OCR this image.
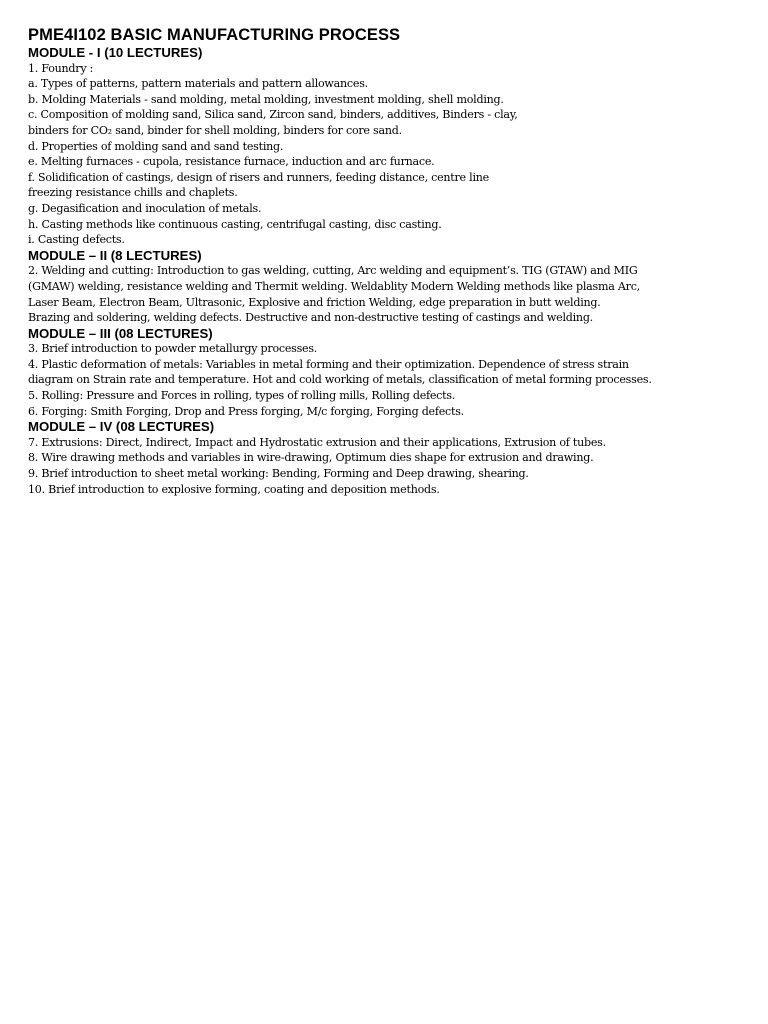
PME4I102 BASIC MANUFACTURING PROCESS
MODULE - I (10 LECTURES)

1. Foundry :

a. Types of patterns, pattern materials and pattern allowances.

b. Molding Materials - sand molding, metal molding, investment molding, shell molding.

c. Composition of molding sand, Silica sand, Zircon sand, binders, additives, Binders - clay,

binders for CO₂ sand, binder for shell molding, binders for core sand.

d. Properties of molding sand and sand testing.

e. Melting furnaces - cupola, resistance furnace, induction and arc furnace.

f. Solidification of castings, design of risers and runners, feeding distance, centre line

freezing resistance chills and chaplets.

g. Degasification and inoculation of metals.

h. Casting methods like continuous casting, centrifugal casting, disc casting.

i. Casting defects.

MODULE – II (8 LECTURES)

2. Welding and cutting: Introduction to gas welding, cutting, Arc welding and equipment’s. TIG (GTAW) and MIG

(GMAW) welding, resistance welding and Thermit welding. Weldablity Modern Welding methods like plasma Arc,

Laser Beam, Electron Beam, Ultrasonic, Explosive and friction Welding, edge preparation in butt welding.

Brazing and soldering, welding defects. Destructive and non-destructive testing of castings and welding.

MODULE – III (08 LECTURES)

3. Brief introduction to powder metallurgy processes.

4. Plastic deformation of metals: Variables in metal forming and their optimization. Dependence of stress strain

diagram on Strain rate and temperature. Hot and cold working of metals, classification of metal forming processes.

5. Rolling: Pressure and Forces in rolling, types of rolling mills, Rolling defects.

6. Forging: Smith Forging, Drop and Press forging, M/c forging, Forging defects.

MODULE – IV (08 LECTURES)

7. Extrusions: Direct, Indirect, Impact and Hydrostatic extrusion and their applications, Extrusion of tubes.

8. Wire drawing methods and variables in wire-drawing, Optimum dies shape for extrusion and drawing.

9. Brief introduction to sheet metal working: Bending, Forming and Deep drawing, shearing.

10. Brief introduction to explosive forming, coating and deposition methods.
